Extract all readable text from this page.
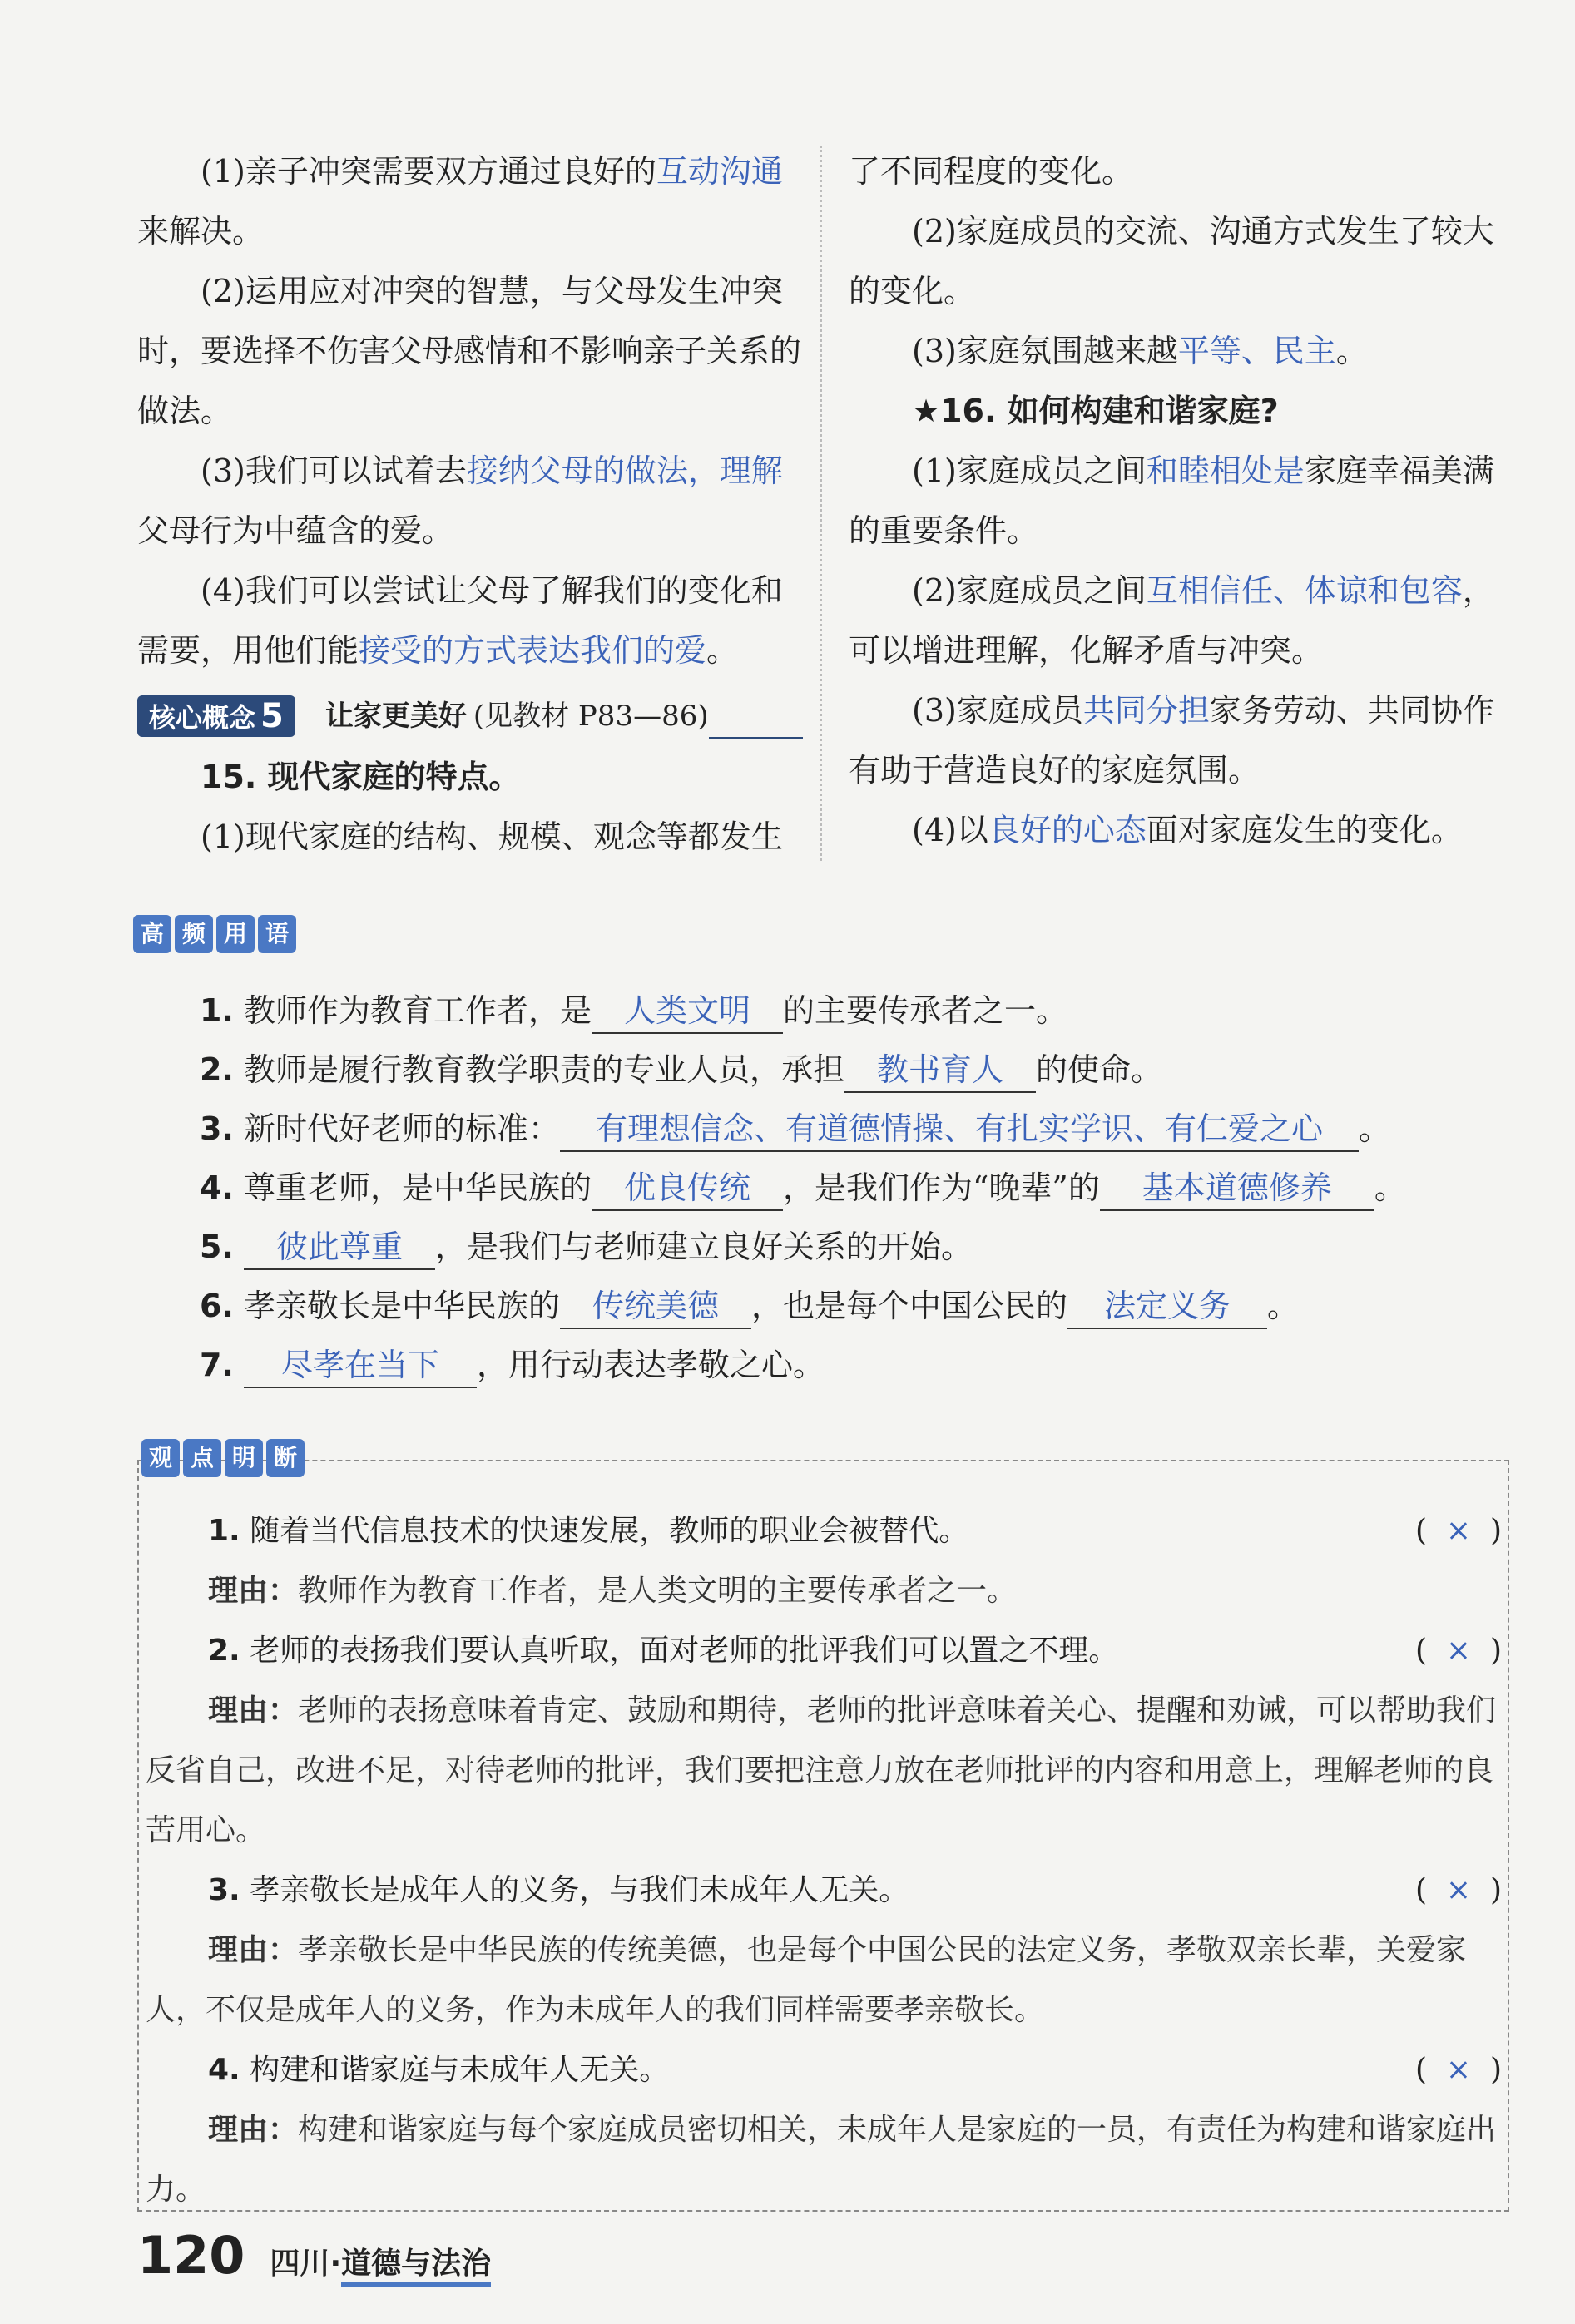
(1)亲子冲突需要双方通过良好的互动沟通来解决。

(2)运用应对冲突的智慧，与父母发生冲突时，要选择不伤害父母感情和不影响亲子关系的做法。

(3)我们可以试着去接纳父母的做法，理解父母行为中蕴含的爱。

(4)我们可以尝试让父母了解我们的变化和需要，用他们能接受的方式表达我们的爱。

核心概念 5	让家更美好 (见教材 P83—86)

15. 现代家庭的特点。

(1)现代家庭的结构、规模、观念等都发生

了不同程度的变化。

(2)家庭成员的交流、沟通方式发生了较大的变化。

(3)家庭氛围越来越平等、民主。

★16. 如何构建和谐家庭?

(1)家庭成员之间和睦相处是家庭幸福美满的重要条件。

(2)家庭成员之间互相信任、体谅和包容，可以增进理解，化解矛盾与冲突。

(3)家庭成员共同分担家务劳动、共同协作有助于营造良好的家庭氛围。

(4)以良好的心态面对家庭发生的变化。

高 频 用 语

1. 教师作为教育工作者，是 人类文明 的主要传承者之一。

2. 教师是履行教育教学职责的专业人员，承担 教书育人 的使命。

3. 新时代好老师的标准： 有理想信念、有道德情操、有扎实学识、有仁爱之心 。

4. 尊重老师，是中华民族的 优良传统 ，是我们作为“晚辈”的 基本道德修养 。

5. 彼此尊重 ，是我们与老师建立良好关系的开始。

6. 孝亲敬长是中华民族的 传统美德 ，也是每个中国公民的 法定义务 。

7. 尽孝在当下 ，用行动表达孝敬之心。

观 点 明 断

1. 随着当代信息技术的快速发展，教师的职业会被替代。	( × )

理由：教师作为教育工作者，是人类文明的主要传承者之一。

2. 老师的表扬我们要认真听取，面对老师的批评我们可以置之不理。	( × )

理由：老师的表扬意味着肯定、鼓励和期待，老师的批评意味着关心、提醒和劝诫，可以帮助我们反省自己，改进不足，对待老师的批评，我们要把注意力放在老师批评的内容和用意上，理解老师的良苦用心。

3. 孝亲敬长是成年人的义务，与我们未成年人无关。	( × )

理由：孝亲敬长是中华民族的传统美德，也是每个中国公民的法定义务，孝敬双亲长辈，关爱家人，不仅是成年人的义务，作为未成年人的我们同样需要孝亲敬长。

4. 构建和谐家庭与未成年人无关。	( × )

理由：构建和谐家庭与每个家庭成员密切相关，未成年人是家庭的一员，有责任为构建和谐家庭出力。

120 四川·道德与法治
